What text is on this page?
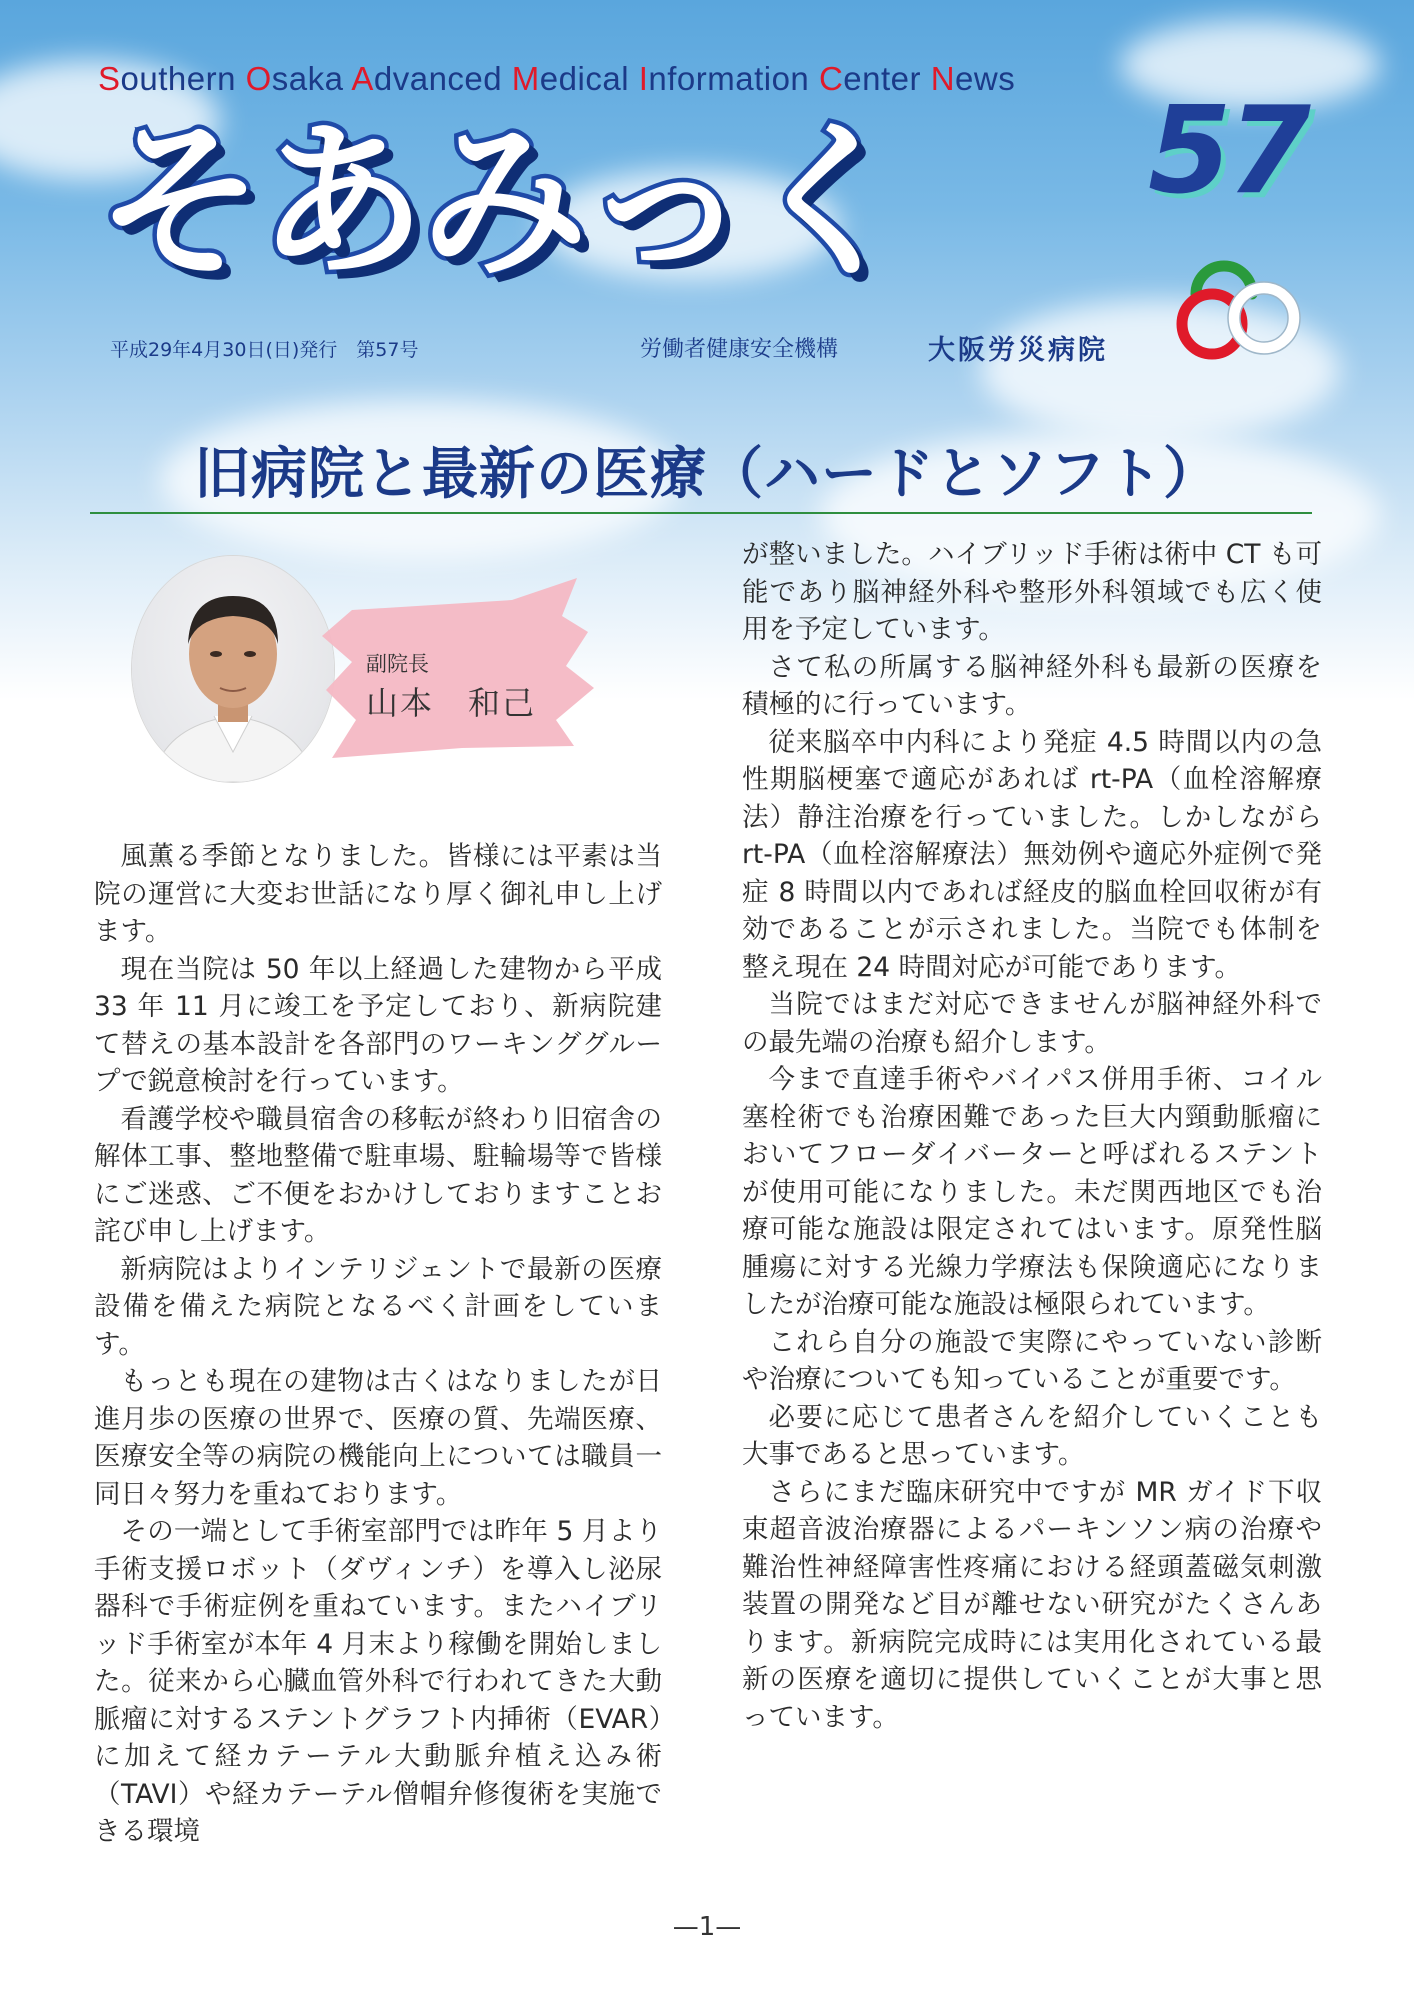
Southern Osaka Advanced Medical Information Center News
そあみっく 57
平成29年4月30日(日)発行　第57号	労働者健康安全機構	大阪労災病院
旧病院と最新の医療（ハードとソフト）
副院長
山本　和己

風薫る季節となりました。皆様には平素は当院の運営に大変お世話になり厚く御礼申し上げます。

現在当院は 50 年以上経過した建物から平成 33 年 11 月に竣工を予定しており、新病院建て替えの基本設計を各部門のワーキンググループで鋭意検討を行っています。

看護学校や職員宿舎の移転が終わり旧宿舎の解体工事、整地整備で駐車場、駐輪場等で皆様にご迷惑、ご不便をおかけしておりますことお詫び申し上げます。

新病院はよりインテリジェントで最新の医療設備を備えた病院となるべく計画をしています。

もっとも現在の建物は古くはなりましたが日進月歩の医療の世界で、医療の質、先端医療、医療安全等の病院の機能向上については職員一同日々努力を重ねております。

その一端として手術室部門では昨年 5 月より手術支援ロボット（ダヴィンチ）を導入し泌尿器科で手術症例を重ねています。またハイブリッド手術室が本年 4 月末より稼働を開始しました。従来から心臓血管外科で行われてきた大動脈瘤に対するステントグラフト内挿術（EVAR）に加えて経カテーテル大動脈弁植え込み術（TAVI）や経カテーテル僧帽弁修復術を実施できる環境

が整いました。ハイブリッド手術は術中 CT も可能であり脳神経外科や整形外科領域でも広く使用を予定しています。

さて私の所属する脳神経外科も最新の医療を積極的に行っています。

従来脳卒中内科により発症 4.5 時間以内の急性期脳梗塞で適応があれば rt-PA（血栓溶解療法）静注治療を行っていました。しかしながら rt-PA（血栓溶解療法）無効例や適応外症例で発症 8 時間以内であれば経皮的脳血栓回収術が有効であることが示されました。当院でも体制を整え現在 24 時間対応が可能であります。

当院ではまだ対応できませんが脳神経外科での最先端の治療も紹介します。

今まで直達手術やバイパス併用手術、コイル塞栓術でも治療困難であった巨大内頸動脈瘤においてフローダイバーターと呼ばれるステントが使用可能になりました。未だ関西地区でも治療可能な施設は限定されてはいます。原発性脳腫瘍に対する光線力学療法も保険適応になりましたが治療可能な施設は極限られています。

これら自分の施設で実際にやっていない診断や治療についても知っていることが重要です。

必要に応じて患者さんを紹介していくことも大事であると思っています。

さらにまだ臨床研究中ですが MR ガイド下収束超音波治療器によるパーキンソン病の治療や難治性神経障害性疼痛における経頭蓋磁気刺激装置の開発など目が離せない研究がたくさんあります。新病院完成時には実用化されている最新の医療を適切に提供していくことが大事と思っています。

—1—
